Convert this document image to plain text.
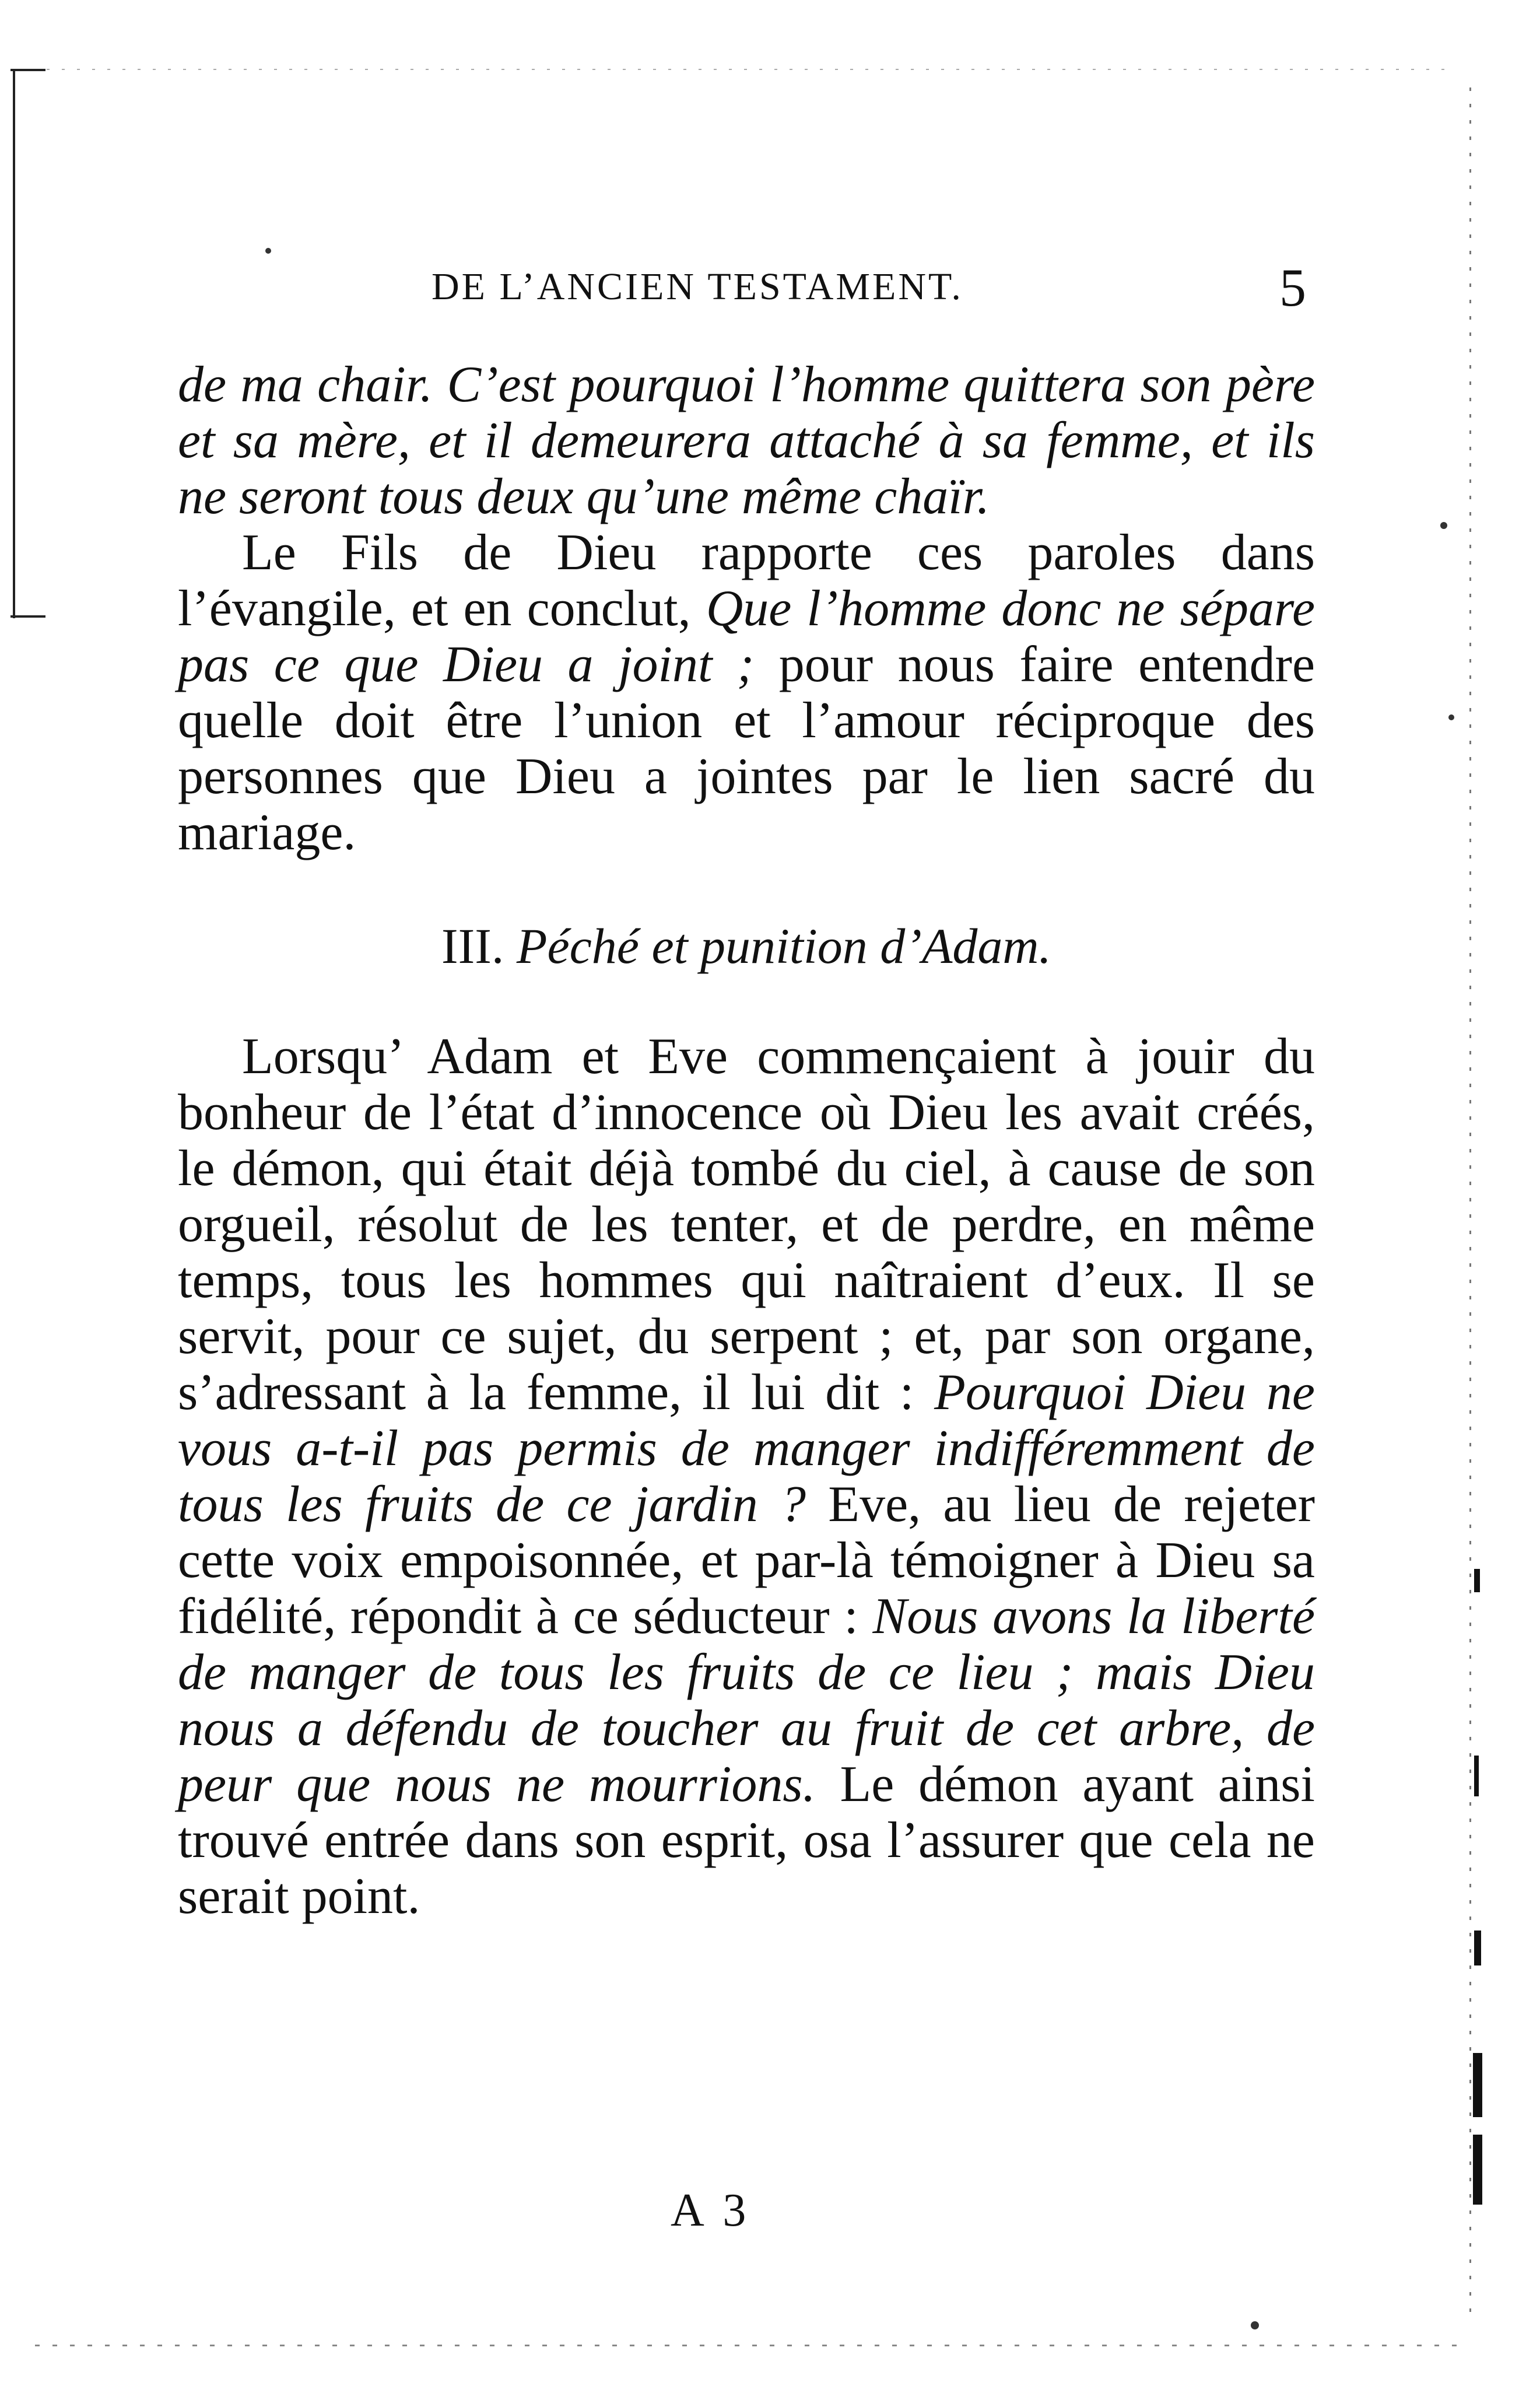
DE L’ANCIEN TESTAMENT.	5

de ma chair. C’est pourquoi l’homme quittera son père et sa mère, et il demeurera attaché à sa femme, et ils ne seront tous deux qu’une même chaïr.

Le Fils de Dieu rapporte ces paroles dans l’évangile, et en conclut, Que l’homme donc ne sépare pas ce que Dieu a joint ; pour nous faire entendre quelle doit être l’union et l’amour réciproque des personnes que Dieu a jointes par le lien sacré du mariage.

III. Péché et punition d’Adam.

Lorsqu’ Adam et Eve commençaient à jouir du bonheur de l’état d’innocence où Dieu les avait créés, le démon, qui était déjà tombé du ciel, à cause de son orgueil, résolut de les tenter, et de perdre, en même temps, tous les hommes qui naîtraient d’eux. Il se servit, pour ce sujet, du serpent ; et, par son organe, s’adressant à la femme, il lui dit : Pourquoi Dieu ne vous a-t-il pas permis de manger indifféremment de tous les fruits de ce jardin ? Eve, au lieu de rejeter cette voix empoisonnée, et par-là témoigner à Dieu sa fidélité, répondit à ce séducteur : Nous avons la liberté de manger de tous les fruits de ce lieu ; mais Dieu nous a défendu de toucher au fruit de cet arbre, de peur que nous ne mourrions. Le démon ayant ainsi trouvé entrée dans son esprit, osa l’assurer que cela ne serait point.

A 3
